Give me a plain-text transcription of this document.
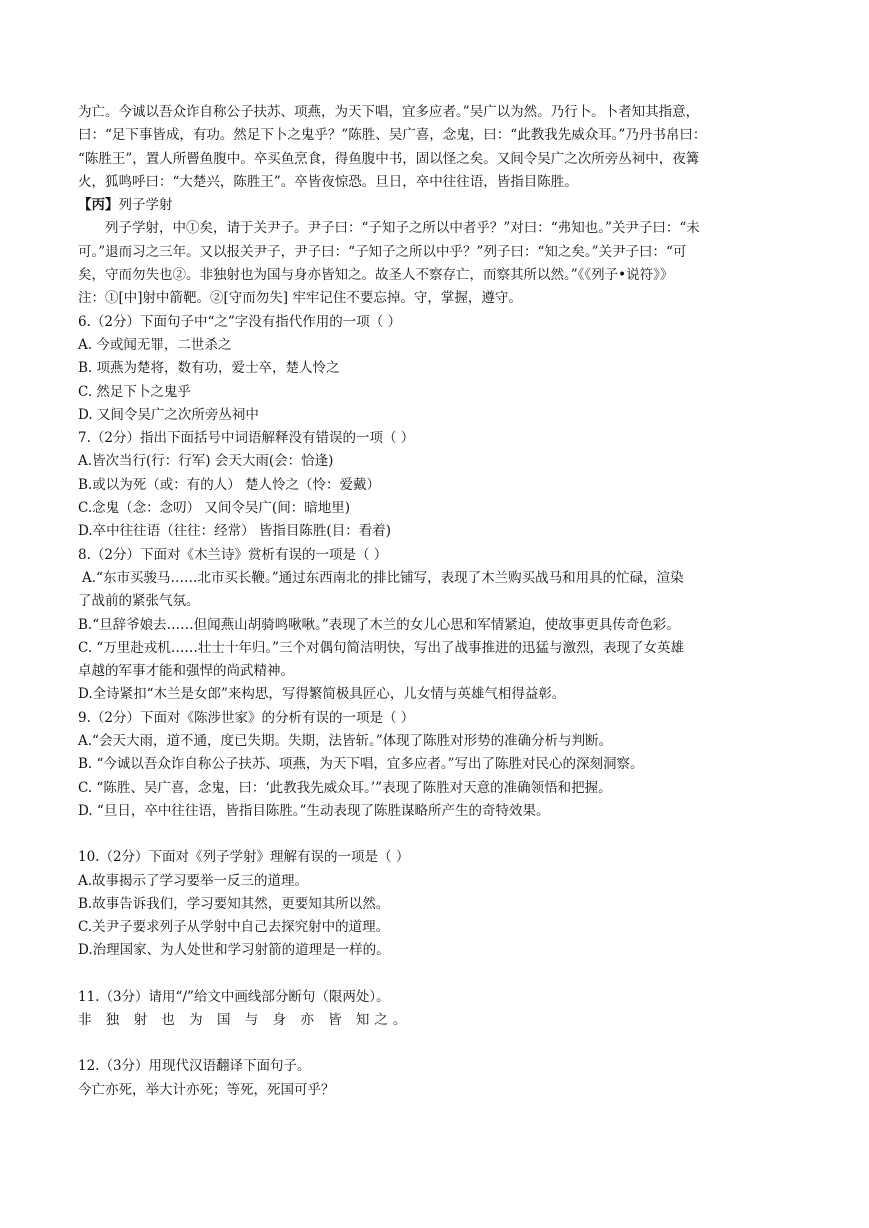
为亡。今诚以吾众诈自称公子扶苏、项燕，为天下唱，宜多应者。”吴广以为然。乃行卜。卜者知其指意，
曰：“足下事皆成，有功。然足下卜之鬼乎？”陈胜、吴广喜，念鬼，曰：“此教我先威众耳。”乃丹书帛曰：
“陈胜王”，置人所罾鱼腹中。卒买鱼烹食，得鱼腹中书，固以怪之矣。又间令吴广之次所旁丛祠中，夜篝
火，狐鸣呼曰：“大楚兴，陈胜王”。卒皆夜惊恐。旦日，卒中往往语，皆指目陈胜。
【丙】列子学射
列子学射，中①矣，请于关尹子。尹子曰：“子知子之所以中者乎？”对曰：“弗知也。”关尹子曰：“未
可。”退而习之三年。又以报关尹子，尹子曰：“子知子之所以中乎？”列子曰：“知之矣。”关尹子曰：“可
矣，守而勿失也②。非独射也为国与身亦皆知之。故圣人不察存亡，而察其所以然。”《《列子•说符》》
注：①[中]射中箭靶。②[守而勿失] 牢牢记住不要忘掉。守，掌握，遵守。
6.（2分）下面句子中“之”字没有指代作用的一项（ ）
A. 今或闻无罪，二世杀之
B. 项燕为楚将，数有功，爱士卒，楚人怜之
C. 然足下卜之鬼乎
D. 又间令吴广之次所旁丛祠中
7.（2分）指出下面括号中词语解释没有错误的一项（ ）
A.皆次当行(行：行军) 会天大雨(会：恰逢)
B.或以为死（或：有的人） 楚人怜之（怜：爱戴）
C.念鬼（念：念叨） 又间令吴广(间：暗地里)
D.卒中往往语（往往：经常） 皆指目陈胜(目：看着)
8.（2分）下面对《木兰诗》赏析有误的一项是（ ）
A.“东市买骏马……北市买长鞭。”通过东西南北的排比铺写，表现了木兰购买战马和用具的忙碌，渲染
了战前的紧张气氛。
B.“旦辞爷娘去……但闻燕山胡骑鸣啾啾。”表现了木兰的女儿心思和军情紧迫，使故事更具传奇色彩。
C. “万里赴戎机……壮士十年归。”三个对偶句简洁明快，写出了战事推进的迅猛与激烈，表现了女英雄
卓越的军事才能和强悍的尚武精神。
D.全诗紧扣“木兰是女郎”来构思，写得繁简极具匠心，儿女情与英雄气相得益彰。
9.（2分）下面对《陈涉世家》的分析有误的一项是（ ）
A.“会天大雨，道不通，度已失期。失期，法皆斩。”体现了陈胜对形势的准确分析与判断。
B. “今诚以吾众诈自称公子扶苏、项燕，为天下唱，宜多应者。”写出了陈胜对民心的深刻洞察。
C. “陈胜、吴广喜，念鬼，曰：‘此教我先威众耳。’”表现了陈胜对天意的准确领悟和把握。
D. “旦日，卒中往往语，皆指目陈胜。”生动表现了陈胜谋略所产生的奇特效果。
10.（2分）下面对《列子学射》理解有误的一项是（ ）
A.故事揭示了学习要举一反三的道理。
B.故事告诉我们，学习要知其然，更要知其所以然。
C.关尹子要求列子从学射中自己去探究射中的道理。
D.治理国家、为人处世和学习射箭的道理是一样的。
11.（3分）请用“/”给文中画线部分断句（限两处）。
非 独 射 也 为 国 与 身 亦 皆 知之。
12.（3分）用现代汉语翻译下面句子。
今亡亦死，举大计亦死；等死，死国可乎？
